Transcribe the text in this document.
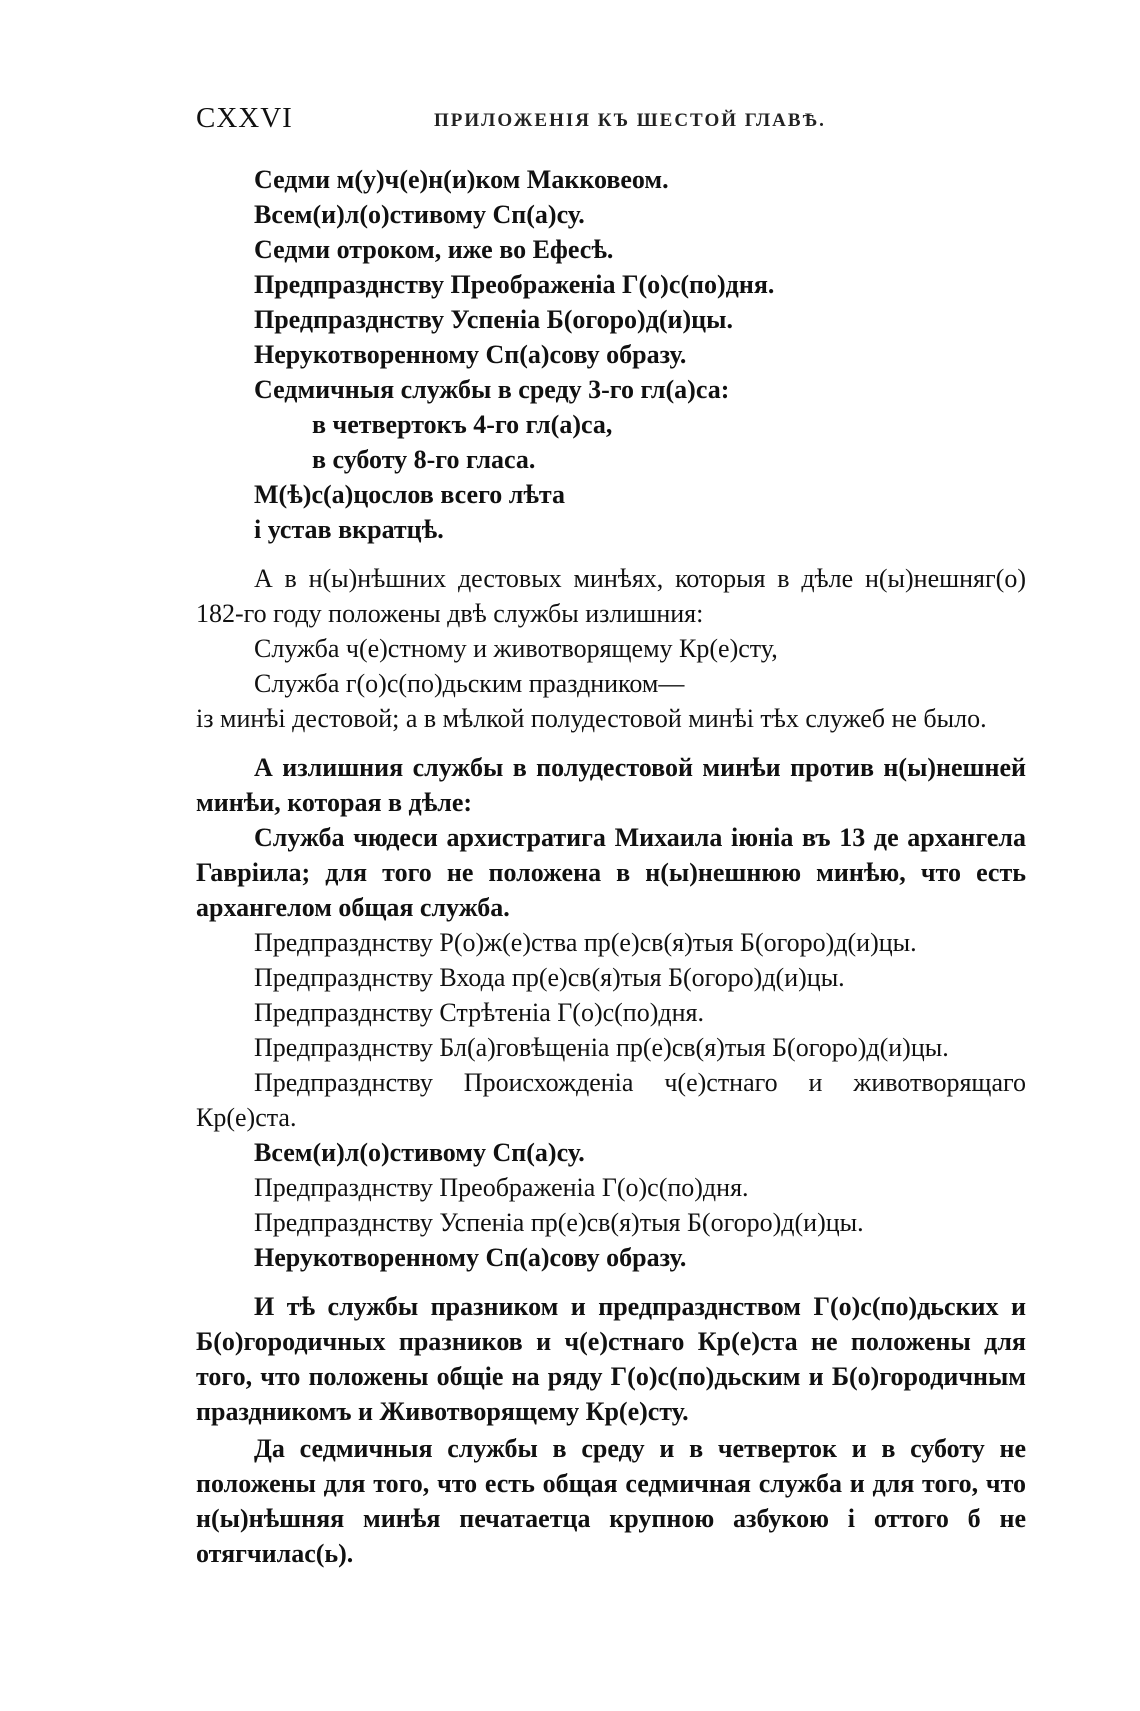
CXXVI	ПРИЛОЖЕНІЯ КЪ ШЕСТОЙ ГЛАВѢ.
Седми м(у)ч(е)н(и)ком Макковеом.
Всем(и)л(о)стивому Сп(а)су.
Седми отроком, иже во Ефесѣ.
Предпразднству Преображенiа Г(о)с(по)дня.
Предпразднству Успенiа Б(огоро)д(и)цы.
Нерукотворенному Сп(а)сову образу.
Седмичныя службы в среду 3-го гл(а)са:
в четвертокъ 4-го гл(а)са,
в суботу 8-го гласа.
М(ѣ)с(а)цослов всего лѣта
і устав вкратцѣ.
А в н(ы)нѣшних дестовых минѣях, которыя в дѣле н(ы)нешняг(о) 182-го году положены двѣ службы излишния:
Служба ч(е)стному и животворящему Кр(е)сту,
Служба г(о)с(по)дьским праздником—
із минѣі дестовой; а в мѣлкой полудестовой минѣі тѣх служеб не было.
А излишния службы в полудестовой минѣи против н(ы)нешней минѣи, которая в дѣле:
Служба чюдеси архистратига Михаила іюніа въ 13 де архангела Гавріила; для того не положена в н(ы)нешнюю минѣю, что есть архангелом общая служба.
Предпразднству Р(о)ж(е)ства пр(е)св(я)тыя Б(огоро)д(и)цы.
Предпразднству Входа пр(е)св(я)тыя Б(огоро)д(и)цы.
Предпразднству Стрѣтенiа Г(о)с(по)дня.
Предпразднству Бл(а)говѣщенiа пр(е)св(я)тыя Б(огоро)д(и)цы.
Предпразднству Происхожденiа ч(е)стнаго и животворящаго Кр(е)ста.
Всем(и)л(о)стивому Сп(а)су.
Предпразднству Преображенiа Г(о)с(по)дня.
Предпразднству Успенiа пр(е)св(я)тыя Б(огоро)д(и)цы.
Нерукотворенному Сп(а)сову образу.

И тѣ службы празником и предпразднством Г(о)с(по)дьских и Б(о)городичных празников и ч(е)стнаго Кр(е)ста не положены для того, что положены общіе на ряду Г(о)с(по)дьским и Б(о)городичным праздникомъ и Животворящему Кр(е)сту.

Да седмичныя службы в среду и в четверток и в суботу не положены для того, что есть общая седмичная служба и для того, что н(ы)нѣшняя минѣя печатаетца крупною азбукою і оттого б не отягчилас(ь).
